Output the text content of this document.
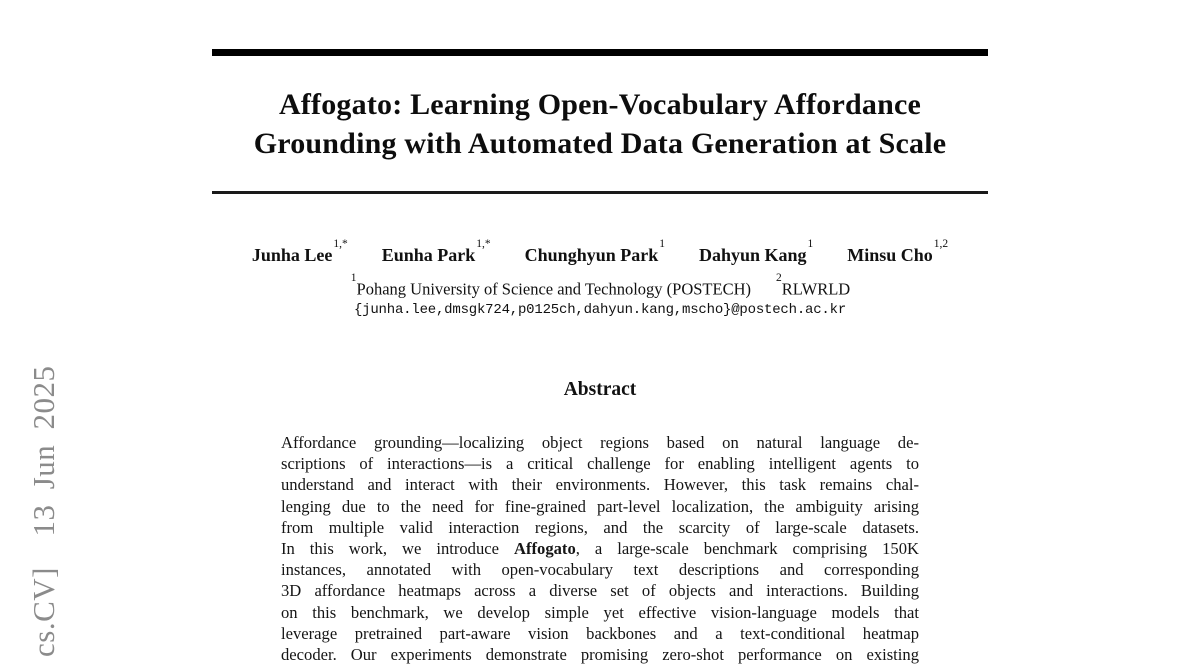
cs.CV]  13 Jun 2025
Affogato: Learning Open-Vocabulary Affordance
Grounding with Automated Data Generation at Scale
Junha Lee$^{1,*}$
Eunha Park$^{1,*}$
Chunghyun Park$^1$
Dahyun Kang$^1$
Minsu Cho$^{1,2}$
$^1$Pohang University of Science and Technology (POSTECH)$^2$RLWRLD
{junha.lee,dmsgk724,p0125ch,dahyun.kang,mscho}@postech.ac.kr
Abstract
Affordance grounding—localizing object regions based on natural language de-
scriptions of interactions—is a critical challenge for enabling intelligent agents to
understand and interact with their environments. However, this task remains chal-
lenging due to the need for fine-grained part-level localization, the ambiguity arising
from multiple valid interaction regions, and the scarcity of large-scale datasets.
In this work, we introduce Affogato, a large-scale benchmark comprising 150K
instances, annotated with open-vocabulary text descriptions and corresponding
3D affordance heatmaps across a diverse set of objects and interactions. Building
on this benchmark, we develop simple yet effective vision-language models that
leverage pretrained part-aware vision backbones and a text-conditional heatmap
decoder. Our experiments demonstrate promising zero-shot performance on existing
